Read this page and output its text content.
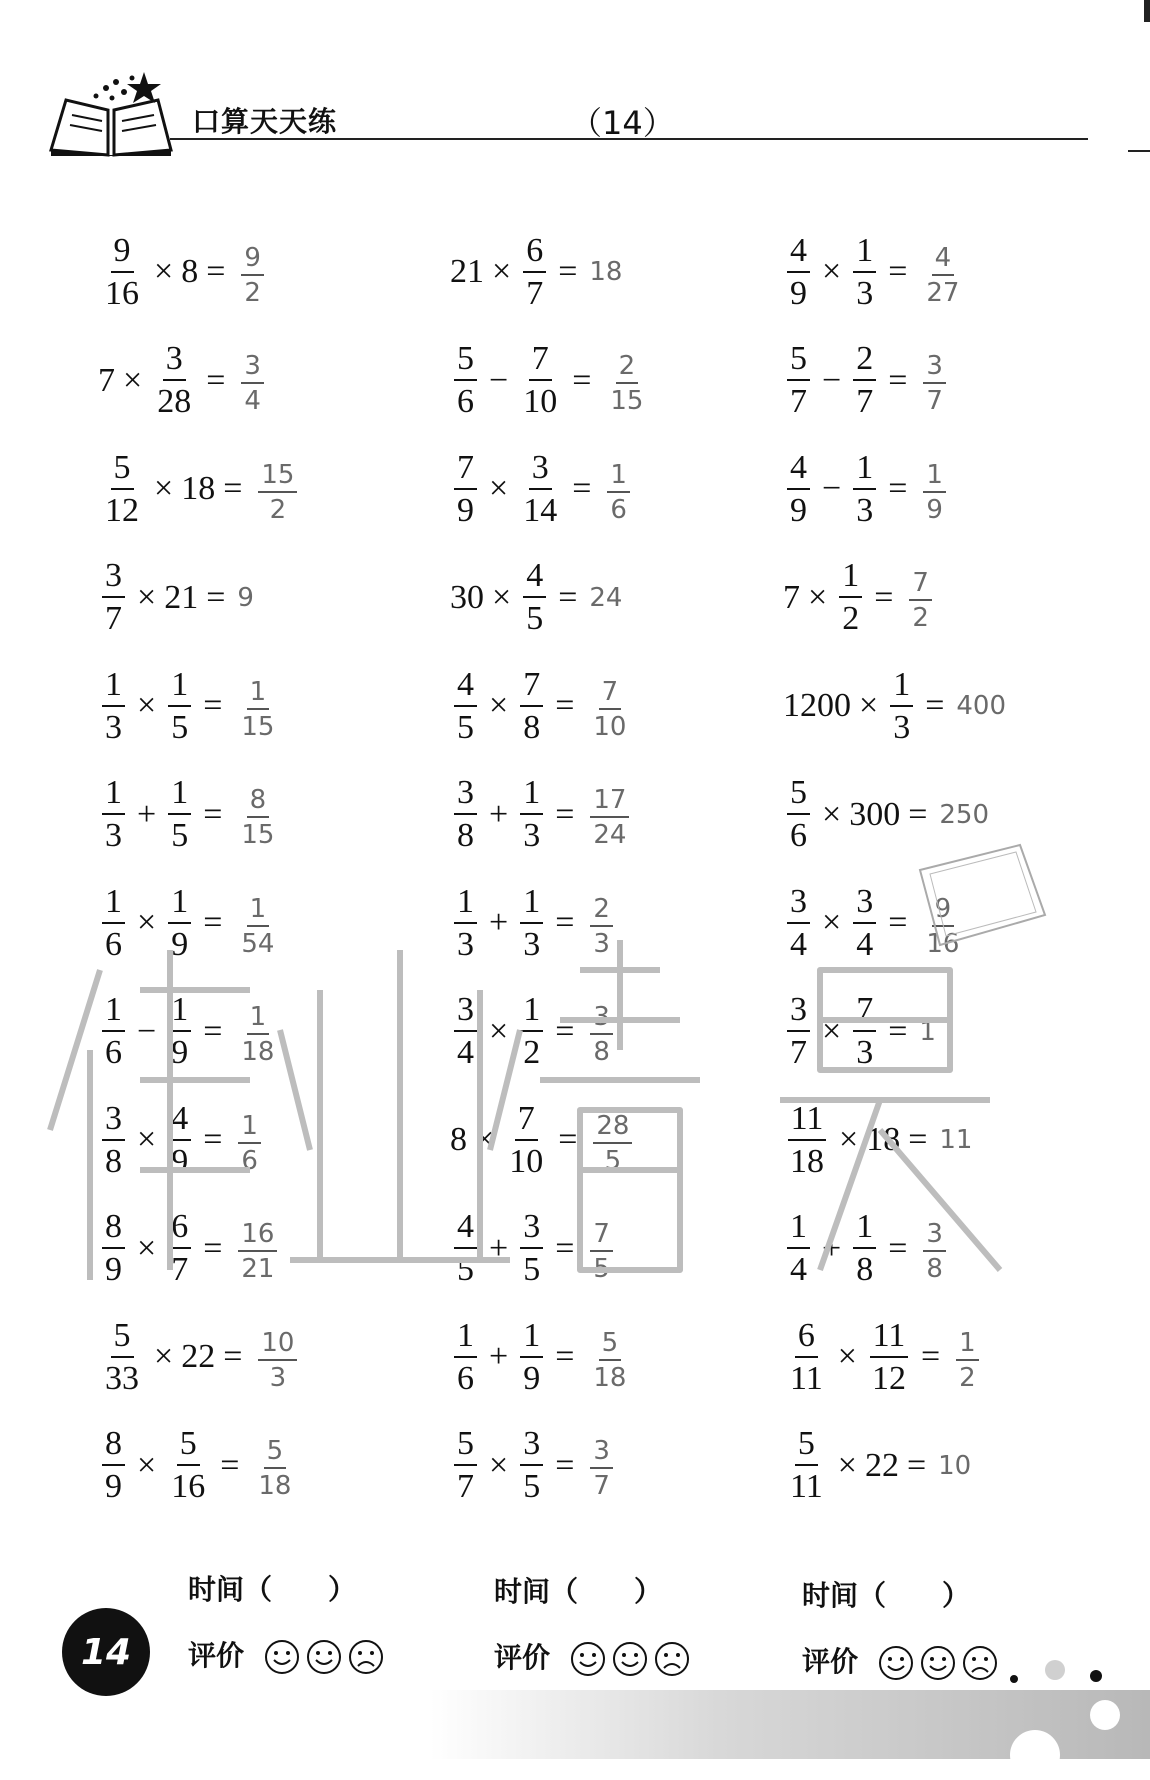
口算天天练	（14）
$\frac{9}{16} \times 8 = \frac{9}{2}$	$21 \times \frac{6}{7} = 18$	$\frac{4}{9} \times \frac{1}{3} = \frac{4}{27}$
$7 \times \frac{3}{28} = \frac{3}{4}$	$\frac{5}{6} - \frac{7}{10} = \frac{2}{15}$	$\frac{5}{7} - \frac{2}{7} = \frac{3}{7}$
$\frac{5}{12} \times 18 = \frac{15}{2}$	$\frac{7}{9} \times \frac{3}{14} = \frac{1}{6}$	$\frac{4}{9} - \frac{1}{3} = \frac{1}{9}$
$\frac{3}{7} \times 21 = 9$	$30 \times \frac{4}{5} = 24$	$7 \times \frac{1}{2} = \frac{7}{2}$
$\frac{1}{3} \times \frac{1}{5} = \frac{1}{15}$	$\frac{4}{5} \times \frac{7}{8} = \frac{7}{10}$	$1200 \times \frac{1}{3} = 400$
$\frac{1}{3} + \frac{1}{5} = \frac{8}{15}$	$\frac{3}{8} + \frac{1}{3} = \frac{17}{24}$	$\frac{5}{6} \times 300 = 250$
$\frac{1}{6} \times \frac{1}{9} = \frac{1}{54}$	$\frac{1}{3} + \frac{1}{3} = \frac{2}{3}$	$\frac{3}{4} \times \frac{3}{4} = \frac{9}{16}$
$\frac{1}{6} - \frac{1}{9} = \frac{1}{18}$	$\frac{3}{4} \times \frac{1}{2} = \frac{3}{8}$	$\frac{3}{7} \times \frac{7}{3} = 1$
$\frac{3}{8} \times \frac{4}{9} = \frac{1}{6}$	$8 \times \frac{7}{10} = \frac{28}{5}$	$\frac{11}{18} \times 18 = 11$
$\frac{8}{9} \times \frac{6}{7} = \frac{16}{21}$	$\frac{4}{5} + \frac{3}{5} = \frac{7}{5}$	$\frac{1}{4} + \frac{1}{8} = \frac{3}{8}$
$\frac{5}{33} \times 22 = \frac{10}{3}$	$\frac{1}{6} + \frac{1}{9} = \frac{5}{18}$	$\frac{6}{11} \times \frac{11}{12} = \frac{1}{2}$
$\frac{8}{9} \times \frac{5}{16} = \frac{5}{18}$	$\frac{5}{7} \times \frac{3}{5} = \frac{3}{7}$	$\frac{5}{11} \times 22 = 10$
时间（　　）	时间（　　）	时间（　　）
评价	评价	评价
14
